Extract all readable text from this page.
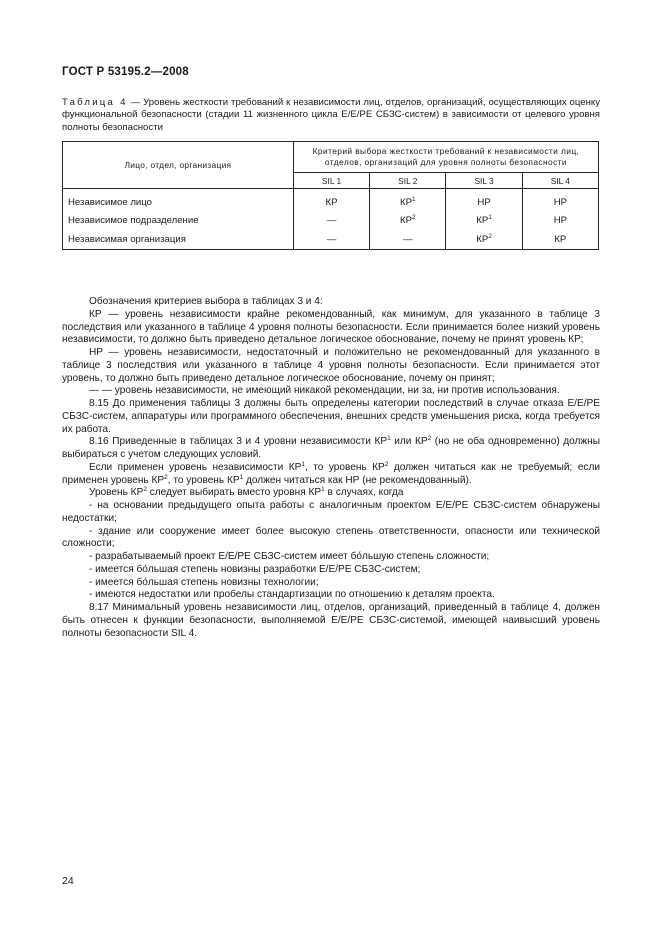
ГОСТ Р 53195.2—2008
Таблица 4 — Уровень жесткости требований к независимости лиц, отделов, организаций, осуществляющих оценку функциональной безопасности (стадии 11 жизненного цикла E/E/PE СБЗС-систем) в зависимости от целевого уровня полноты безопасности
Лицо, отдел, организация	Критерий выбора жесткости требований к независимости лиц, отделов, организаций для уровня полноты безопасности			
	SIL 1	SIL 2	SIL 3	SIL 4

Независимое лицо	КР	$КР^1$	НР	НР
Независимое подразделение	—	$КР^2$	$КР^1$	НР
Независимая организация	—	—	$КР^2$	КР

Обозначения критериев выбора в таблицах 3 и 4:

КР — уровень независимости крайне рекомендованный, как минимум, для указанного в таблице 3 последствия или указанного в таблице 4 уровня полноты безопасности. Если принимается более низкий уровень независимости, то должно быть приведено детальное логическое обоснование, почему не принят уровень КР;

НР — уровень независимости, недостаточный и положительно не рекомендованный для указанного в таблице 3 последствия или указанного в таблице 4 уровня полноты безопасности. Если принимается этот уровень, то должно быть приведено детальное логическое обоснование, почему он принят;

— — уровень независимости, не имеющий никакой рекомендации, ни за, ни против использования.

8.15 До применения таблицы 3 должны быть определены категории последствий в случае отказа E/E/PE СБЗС-систем, аппаратуры или программного обеспечения, внешних средств уменьшения риска, когда требуется их работа.

8.16 Приведенные в таблицах 3 и 4 уровни независимости $КР^1$ или $КР^2$ (но не оба одновременно) должны выбираться с учетом следующих условий.

Если применен уровень независимости $КР^1$, то уровень $КР^2$ должен читаться как не требуемый; если применен уровень $КР^2$, то уровень $КР^1$ должен читаться как НР (не рекомендованный).

Уровень $КР^2$ следует выбирать вместо уровня $КР^1$ в случаях, когда

- на основании предыдущего опыта работы с аналогичным проектом E/E/PE СБЗС-систем обнаружены недостатки;

- здание или сооружение имеет более высокую степень ответственности, опасности или технической сложности;

- разрабатываемый проект E/E/PE СБЗС-систем имеет бо́льшую степень сложности;

- имеется бо́льшая степень новизны разработки E/E/PE СБЗС-систем;

- имеется бо́льшая степень новизны технологии;

- имеются недостатки или пробелы стандартизации по отношению к деталям проекта.

8.17 Минимальный уровень независимости лиц, отделов, организаций, приведенный в таблице 4, должен быть отнесен к функции безопасности, выполняемой E/E/PE СБЗС-системой, имеющей наивысший уровень полноты безопасности SIL 4.

24
